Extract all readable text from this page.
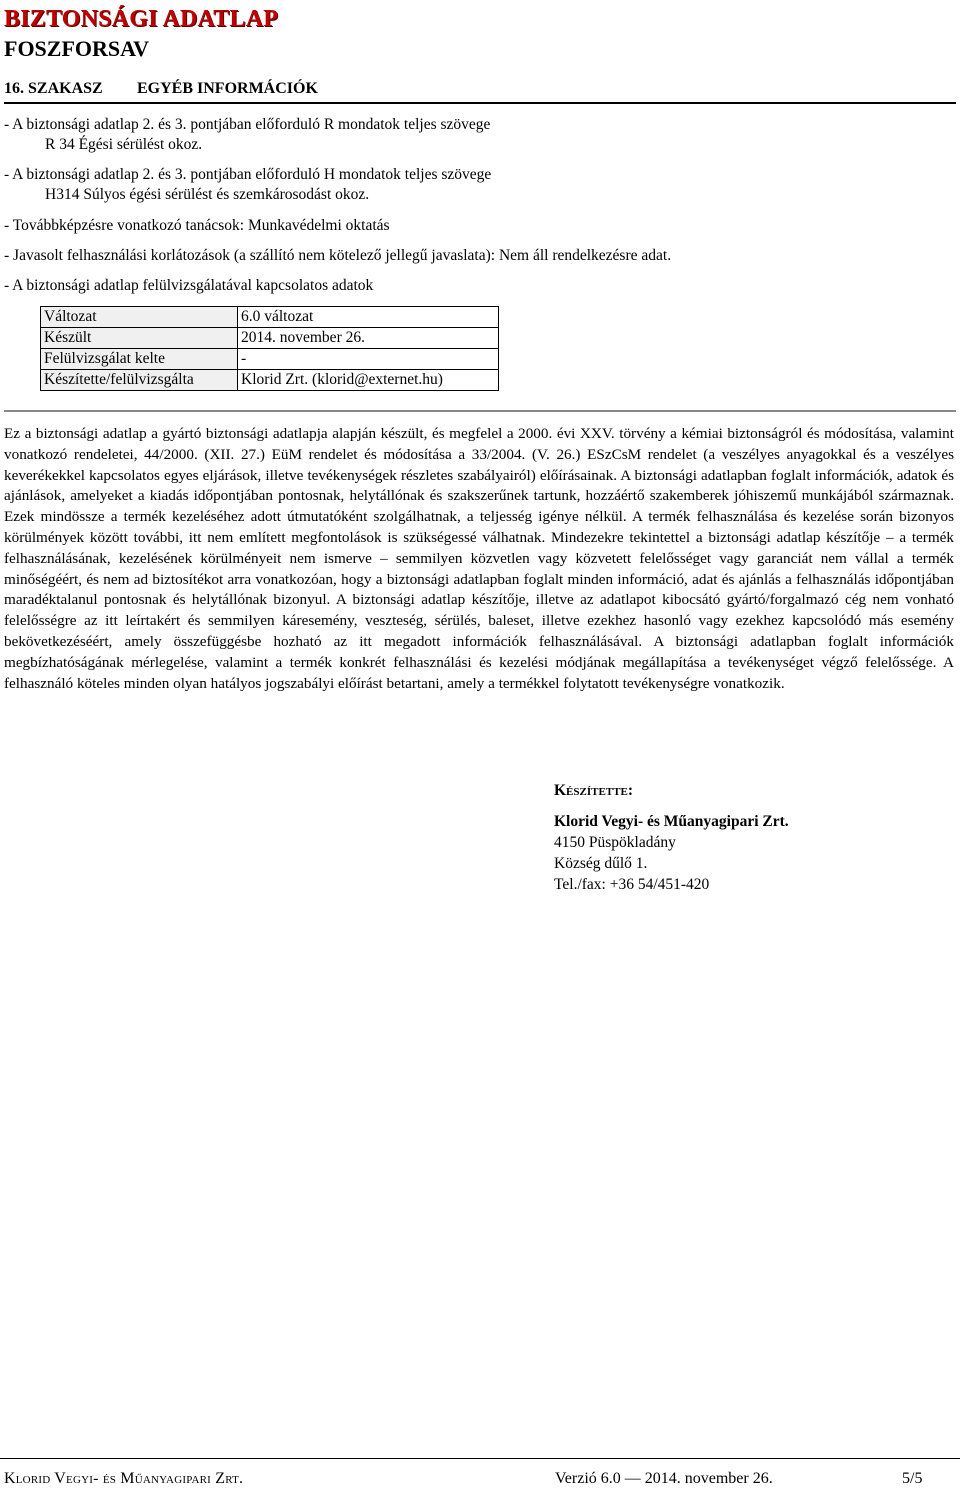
BIZTONSÁGI ADATLAP
FOSZFORSAV
16. SZAKASZ EGYÉB INFORMÁCIÓK
- A biztonsági adatlap 2. és 3. pontjában előforduló R mondatok teljes szövege
R 34 Égési sérülést okoz.
- A biztonsági adatlap 2. és 3. pontjában előforduló H mondatok teljes szövege
H314 Súlyos égési sérülést és szemkárosodást okoz.
- Továbbképzésre vonatkozó tanácsok: Munkavédelmi oktatás
- Javasolt felhasználási korlátozások (a szállító nem kötelező jellegű javaslata): Nem áll rendelkezésre adat.
- A biztonsági adatlap felülvizsgálatával kapcsolatos adatok
Változat	6.0 változat
Készült	2014. november 26.
Felülvizsgálat kelte	-
Készítette/felülvizsgálta	Klorid Zrt. (klorid@externet.hu)
Ez a biztonsági adatlap a gyártó biztonsági adatlapja alapján készült, és megfelel a 2000. évi XXV. törvény a kémiai biztonságról és módosítása, valamint vonatkozó rendeletei, 44/2000. (XII. 27.) EüM rendelet és módosítása a 33/2004. (V. 26.) ESzCsM rendelet (a veszélyes anyagokkal és a veszélyes keverékekkel kapcsolatos egyes eljárások, illetve tevékenységek részletes szabályairól) előírásainak. A biztonsági adatlapban foglalt információk, adatok és ajánlások, amelyeket a kiadás időpontjában pontosnak, helytállónak és szakszerűnek tartunk, hozzáértő szakemberek jóhiszemű munkájából származnak. Ezek mindössze a termék kezeléséhez adott útmutatóként szolgálhatnak, a teljesség igénye nélkül. A termék felhasználása és kezelése során bizonyos körülmények között további, itt nem említett megfontolások is szükségessé válhatnak. Mindezekre tekintettel a biztonsági adatlap készítője – a termék felhasználásának, kezelésének körülményeit nem ismerve – semmilyen közvetlen vagy közvetett felelősséget vagy garanciát nem vállal a termék minőségéért, és nem ad biztosítékot arra vonatkozóan, hogy a biztonsági adatlapban foglalt minden információ, adat és ajánlás a felhasználás időpontjában maradéktalanul pontosnak és helytállónak bizonyul. A biztonsági adatlap készítője, illetve az adatlapot kibocsátó gyártó/forgalmazó cég nem vonható felelősségre az itt leírtakért és semmilyen káresemény, veszteség, sérülés, baleset, illetve ezekhez hasonló vagy ezekhez kapcsolódó más esemény bekövetkezéséért, amely összefüggésbe hozható az itt megadott információk felhasználásával. A biztonsági adatlapban foglalt információk megbízhatóságának mérlegelése, valamint a termék konkrét felhasználási és kezelési módjának megállapítása a tevékenységet végző felelőssége. A felhasználó köteles minden olyan hatályos jogszabályi előírást betartani, amely a termékkel folytatott tevékenységre vonatkozik.
Készítette:
Klorid Vegyi- és Műanyagipari Zrt.
4150 Püspökladány
Község dűlő 1.
Tel./fax: +36 54/451-420
Klorid Vegyi- és Műanyagipari Zrt.	Verzió 6.0 — 2014. november 26.	5/5
